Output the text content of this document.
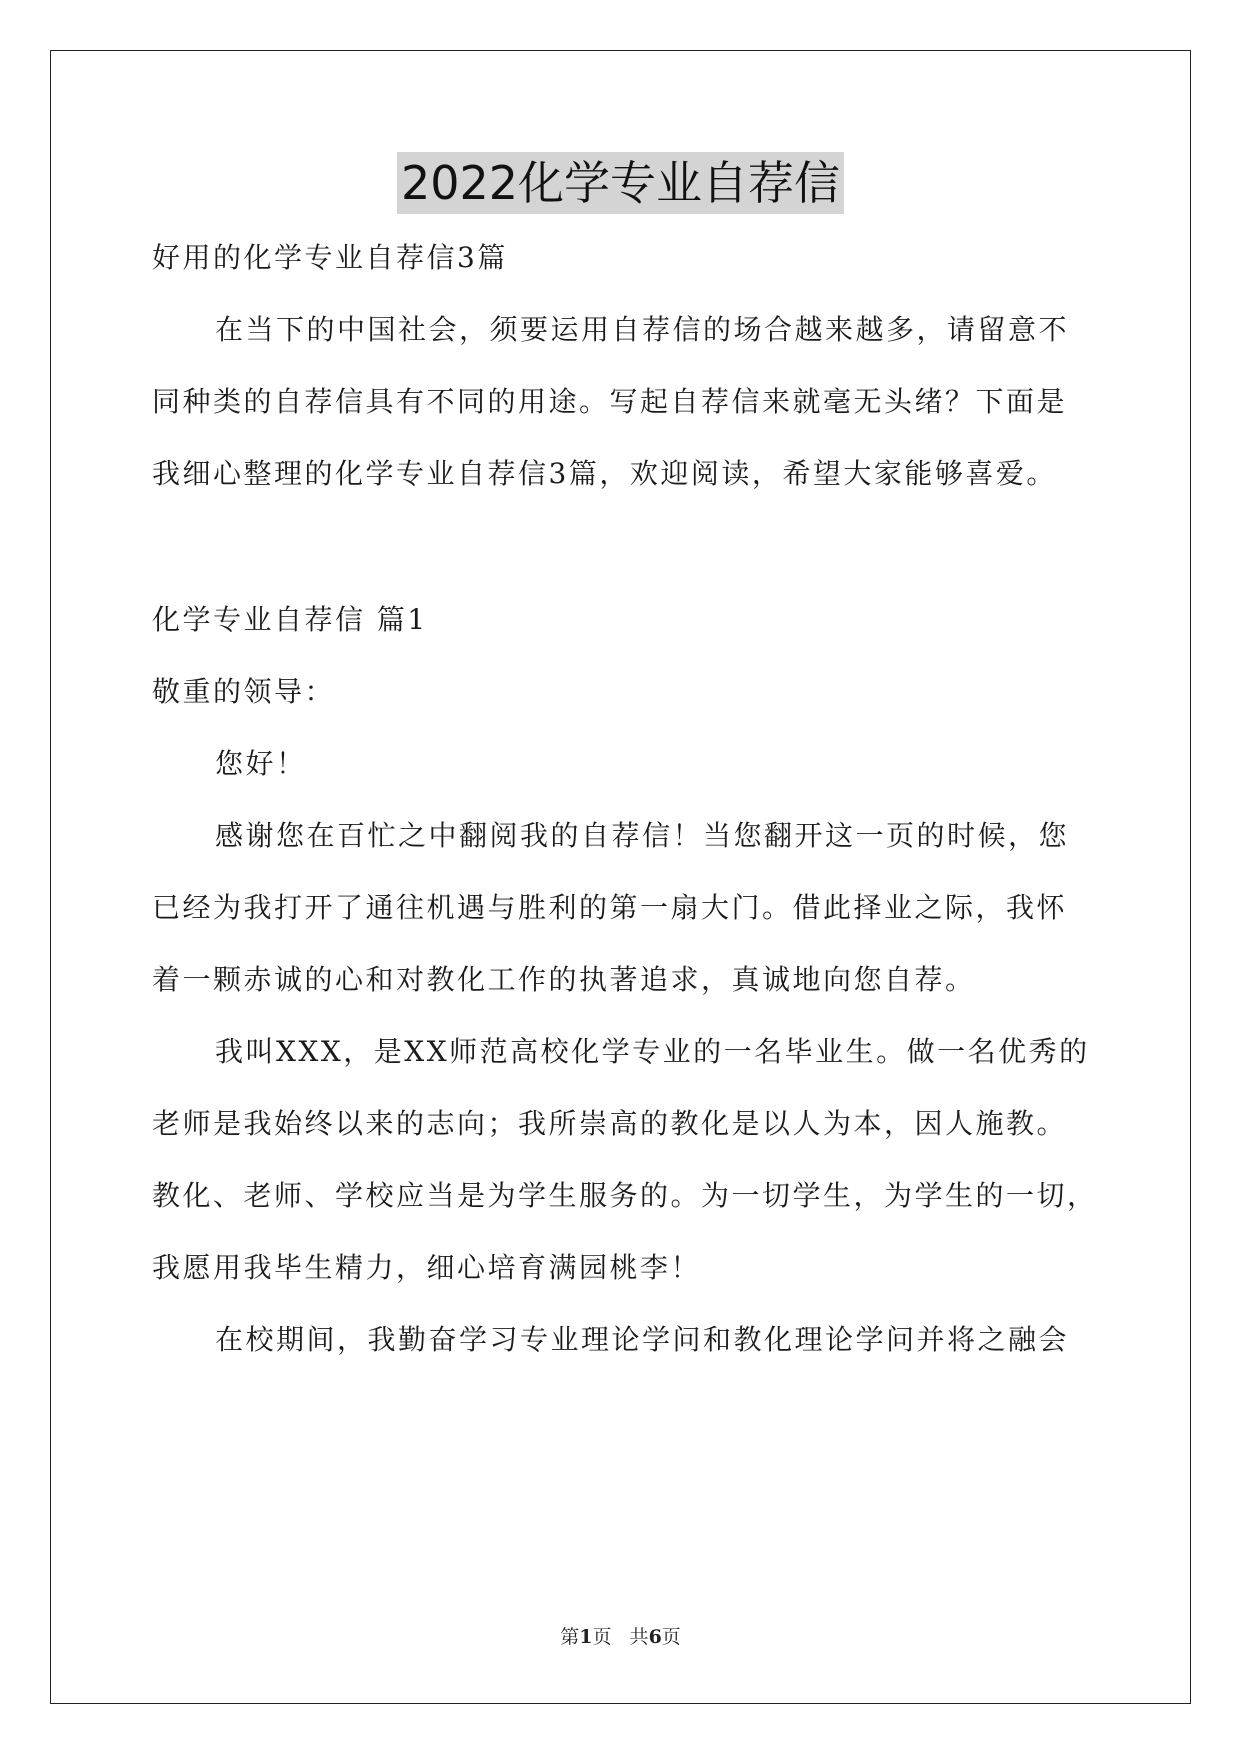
2022化学专业自荐信
好用的化学专业自荐信3篇
在当下的中国社会，须要运用自荐信的场合越来越多，请留意不
同种类的自荐信具有不同的用途。写起自荐信来就毫无头绪？下面是
我细心整理的化学专业自荐信3篇，欢迎阅读，希望大家能够喜爱。
化学专业自荐信 篇1
敬重的领导：
您好！
感谢您在百忙之中翻阅我的自荐信！当您翻开这一页的时候，您
已经为我打开了通往机遇与胜利的第一扇大门。借此择业之际，我怀
着一颗赤诚的心和对教化工作的执著追求，真诚地向您自荐。
我叫XXX，是XX师范高校化学专业的一名毕业生。做一名优秀的
老师是我始终以来的志向；我所崇高的教化是以人为本，因人施教。
教化、老师、学校应当是为学生服务的。为一切学生，为学生的一切，
我愿用我毕生精力，细心培育满园桃李！
在校期间，我勤奋学习专业理论学问和教化理论学问并将之融会
第1页   共6页
